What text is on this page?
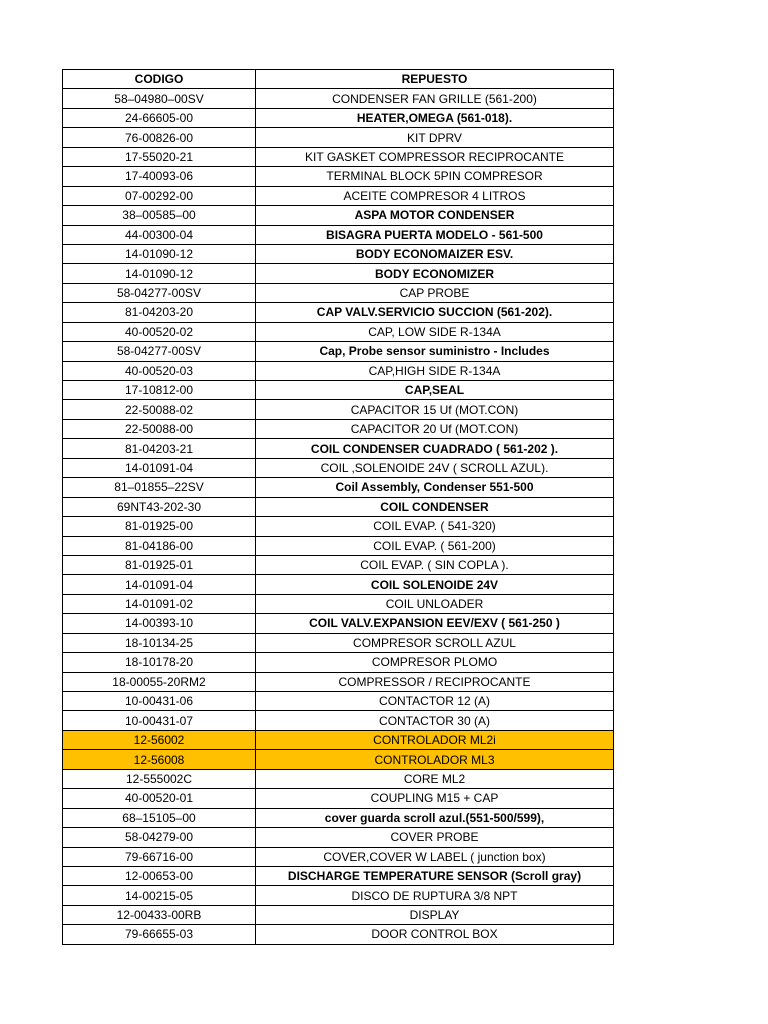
CODIGO	REPUESTO
58–04980–00SV	CONDENSER FAN GRILLE (561-200)
24-66605-00	HEATER,OMEGA (561-018).
76-00826-00	KIT DPRV
17-55020-21	KIT GASKET COMPRESSOR RECIPROCANTE
17-40093-06	TERMINAL BLOCK 5PIN COMPRESOR
07-00292-00	ACEITE COMPRESOR 4 LITROS
38–00585–00	ASPA MOTOR CONDENSER
44-00300-04	BISAGRA PUERTA MODELO - 561-500
14-01090-12	BODY ECONOMAIZER ESV.
14-01090-12	BODY ECONOMIZER
58-04277-00SV	CAP PROBE
81-04203-20	CAP VALV.SERVICIO SUCCION (561-202).
40-00520-02	CAP, LOW SIDE R-134A
58-04277-00SV	Cap, Probe sensor suministro - Includes
40-00520-03	CAP,HIGH SIDE R-134A
17-10812-00	CAP,SEAL
22-50088-02	CAPACITOR 15 Uf (MOT.CON)
22-50088-00	CAPACITOR 20 Uf (MOT.CON)
81-04203-21	COIL CONDENSER CUADRADO ( 561-202 ).
14-01091-04	COIL ,SOLENOIDE 24V ( SCROLL AZUL).
81–01855–22SV	Coil Assembly, Condenser 551-500
69NT43-202-30	COIL CONDENSER
81-01925-00	COIL EVAP. ( 541-320)
81-04186-00	COIL EVAP. ( 561-200)
81-01925-01	COIL EVAP. ( SIN COPLA ).
14-01091-04	COIL SOLENOIDE 24V
14-01091-02	COIL UNLOADER
14-00393-10	COIL VALV.EXPANSION EEV/EXV ( 561-250 )
18-10134-25	COMPRESOR SCROLL AZUL
18-10178-20	COMPRESOR PLOMO
18-00055-20RM2	COMPRESSOR / RECIPROCANTE
10-00431-06	CONTACTOR 12 (A)
10-00431-07	CONTACTOR 30 (A)
12-56002	CONTROLADOR ML2i
12-56008	CONTROLADOR ML3
12-555002C	CORE ML2
40-00520-01	COUPLING M15 + CAP
68–15105–00	cover guarda scroll azul.(551-500/599),
58-04279-00	COVER PROBE
79-66716-00	COVER,COVER W LABEL ( junction box)
12-00653-00	DISCHARGE TEMPERATURE SENSOR (Scroll gray)
14-00215-05	DISCO DE RUPTURA 3/8 NPT
12-00433-00RB	DISPLAY
79-66655-03	DOOR CONTROL BOX
